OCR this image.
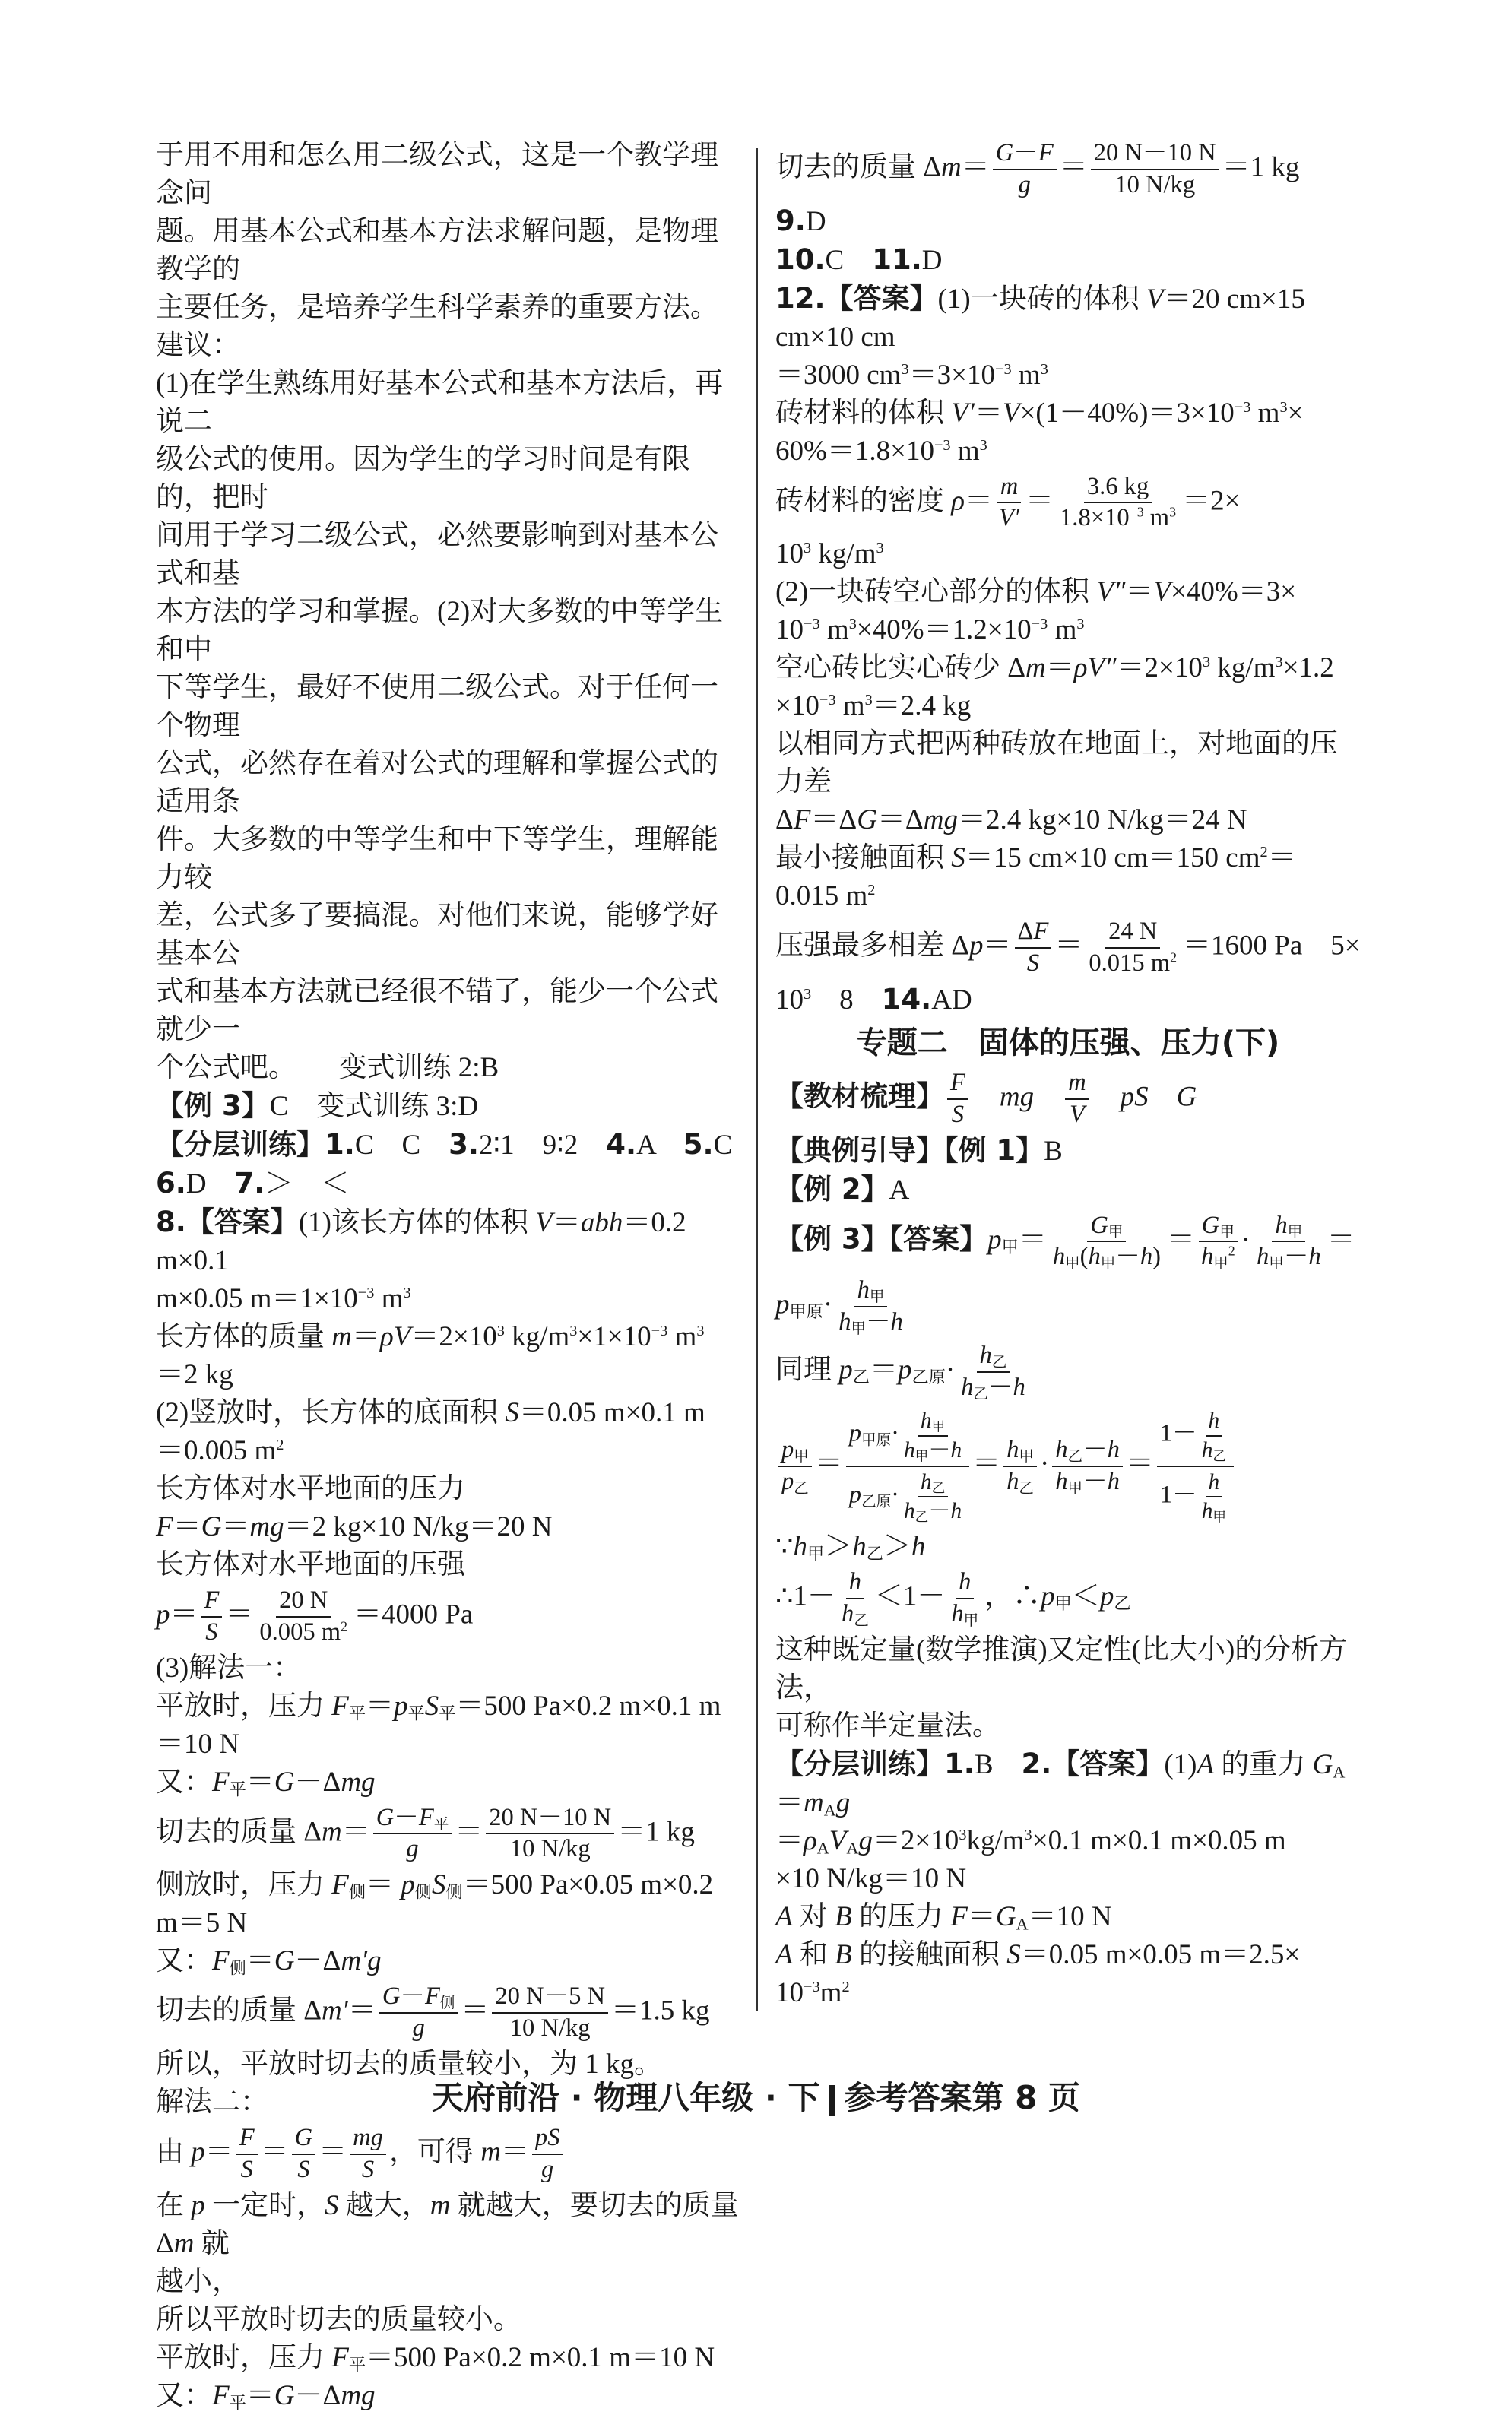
于用不用和怎么用二级公式，这是一个教学理念问
题。用基本公式和基本方法求解问题，是物理教学的
主要任务，是培养学生科学素养的重要方法。建议：
(1)在学生熟练用好基本公式和基本方法后，再说二
级公式的使用。因为学生的学习时间是有限的，把时
间用于学习二级公式，必然要影响到对基本公式和基
本方法的学习和掌握。(2)对大多数的中等学生和中
下等学生，最好不使用二级公式。对于任何一个物理
公式，必然存在着对公式的理解和掌握公式的适用条
件。大多数的中等学生和中下等学生，理解能力较
差，公式多了要搞混。对他们来说，能够学好基本公
式和基本方法就已经很不错了，能少一个公式就少一
个公式吧。　　变式训练 2:B
【例 3】C　变式训练 3:D
【分层训练】1.C　C　3.2∶1　9∶2　4.A　5.C
6.D　7.＞　＜
8.【答案】(1)该长方体的体积 V＝abh＝0.2 m×0.1
m×0.05 $m=1\times 10^{-3}$ $m^3$
长方体的质量 $m=\rho V=2\times 10^3$ $kg/m^3\times 1\times 10^{-3}$ $m^3$
＝2 kg
(2)竖放时，长方体的底面积 S＝0.05 m×0.1 m
＝0.005 $m^2$
长方体对水平地面的压力
F＝G＝mg＝2 kg×10 N/kg＝20 N
长方体对水平地面的压强
$p= \frac{F}{S} = \frac{20 N}{0.005 m^2} =4000$ Pa
(3)解法一：
平放时，压力 $F_平=p_平S_平=500$ Pa×0.2 m×0.1 m
＝10 N
又：$F_平=G-\Delta mg$
切去的质量 $\Delta m= \frac{G-F_平}{g} = \frac{20 N-10 N}{10 N/kg} =1$ kg
侧放时，压力 $F_侧= p_侧S_侧=500$ Pa×0.05 m×0.2
m＝5 N
又：$F_侧=G-\Delta m'g$
切去的质量 $\Delta m'= \frac{G-F_侧}{g} = \frac{20 N-5 N}{10 N/kg} =1.5$ kg
所以，平放时切去的质量较小，为 1 kg。
解法二：
由 $p= \frac{F}{S} = \frac{G}{S} = \frac{mg}{S}$ ，可得 $m= \frac{pS}{g}$
在 p 一定时，S 越大，m 就越大，要切去的质量 Δm 就
越小，
所以平放时切去的质量较小。
平放时，压力 $F_平=500$ Pa×0.2 m×0.1 m＝10 N
又：$F_平=G-\Delta mg$
切去的质量 $\Delta m= \frac{G-F}{g} = \frac{20 N-10 N}{10 N/kg} =1$ kg　9.D
10.C　11.D
12.【答案】(1)一块砖的体积 V＝20 cm×15 cm×10 cm
＝3000 $cm^3=3\times 10^{-3}$ $m^3$
砖材料的体积 $V'=V\times(1-40\%)=3\times 10^{-3}$ $m^3\times$
$60\%=1.8\times 10^{-3}$ $m^3$
砖材料的密度 $\rho= \frac{m}{V'} = \frac{3.6 kg}{1.8\times 10^{-3} m^3} =2\times$
$10^3$ $kg/m^3$
(2)一块砖空心部分的体积 V″＝V×40%＝3×
$10^{-3}$ $m^3\times 40\%=1.2\times 10^{-3}$ $m^3$
空心砖比实心砖少 $\Delta m=\rho V''=2\times 10^3$ $kg/m^3\times 1.2$
$\times 10^{-3}$ $m^3=2.4$ kg
以相同方式把两种砖放在地面上，对地面的压力差
ΔF＝ΔG＝Δmg＝2.4 kg×10 N/kg＝24 N
最小接触面积 S＝15 cm×10 cm＝150 $cm^2=$
0.015 $m^2$
压强最多相差 $\Delta p= \frac{\Delta F}{S} = \frac{24 N}{0.015 m^2} =1600$ Pa　5×
$10^3$　8　14.AD
专题二　固体的压强、压力(下)
【教材梳理】 $\frac{F}{S}$
　 mg　 $\frac{m}{V}$
　 pS　 G
【典例引导】【例 1】B
【例 2】A
【例 3】【答案】$p_甲= \frac{G_甲}{h_甲(h_甲-h)} = \frac{G_甲}{h_甲^2} \cdot \frac{h_甲}{h_甲-h}$ ＝
$p_{甲原}\cdot \frac{h_甲}{h_甲-h}$
同理 $p_乙=p_{乙原}\cdot \frac{h_乙}{h_乙-h}$
$\frac{p_甲}{p_乙} = \frac{p_{甲原}\cdot \frac{h_甲}{h_甲-h}}{p_{乙原}\cdot \frac{h_乙}{h_乙-h}} = \frac{h_甲}{h_乙} \cdot \frac{h_乙-h}{h_甲-h} = \frac{1- \frac{h}{h_乙}}{1- \frac{h}{h_甲}}$
$\because h_甲>h_乙>h$
∴1－ $\frac{h}{h_乙} <1- \frac{h}{h_甲}$ ，$\therefore p_甲<p_乙$
这种既定量(数学推演)又定性(比大小)的分析方法，
可称作半定量法。
【分层训练】1.B　2.【答案】(1)A 的重力 $G_A=m_Ag$
$=\rho_AV_Ag=2\times 10^3kg/m^3\times 0.1$ m×0.1 m×0.05 m
×10 N/kg＝10 N
A 对 B 的压力 $F=G_A=10$ N
A 和 B 的接触面积 S＝0.05 m×0.05 m＝2.5×
$10^{-3}m^2$
天府前沿 · 物理八年级 · 下 参考答案第 8 页
